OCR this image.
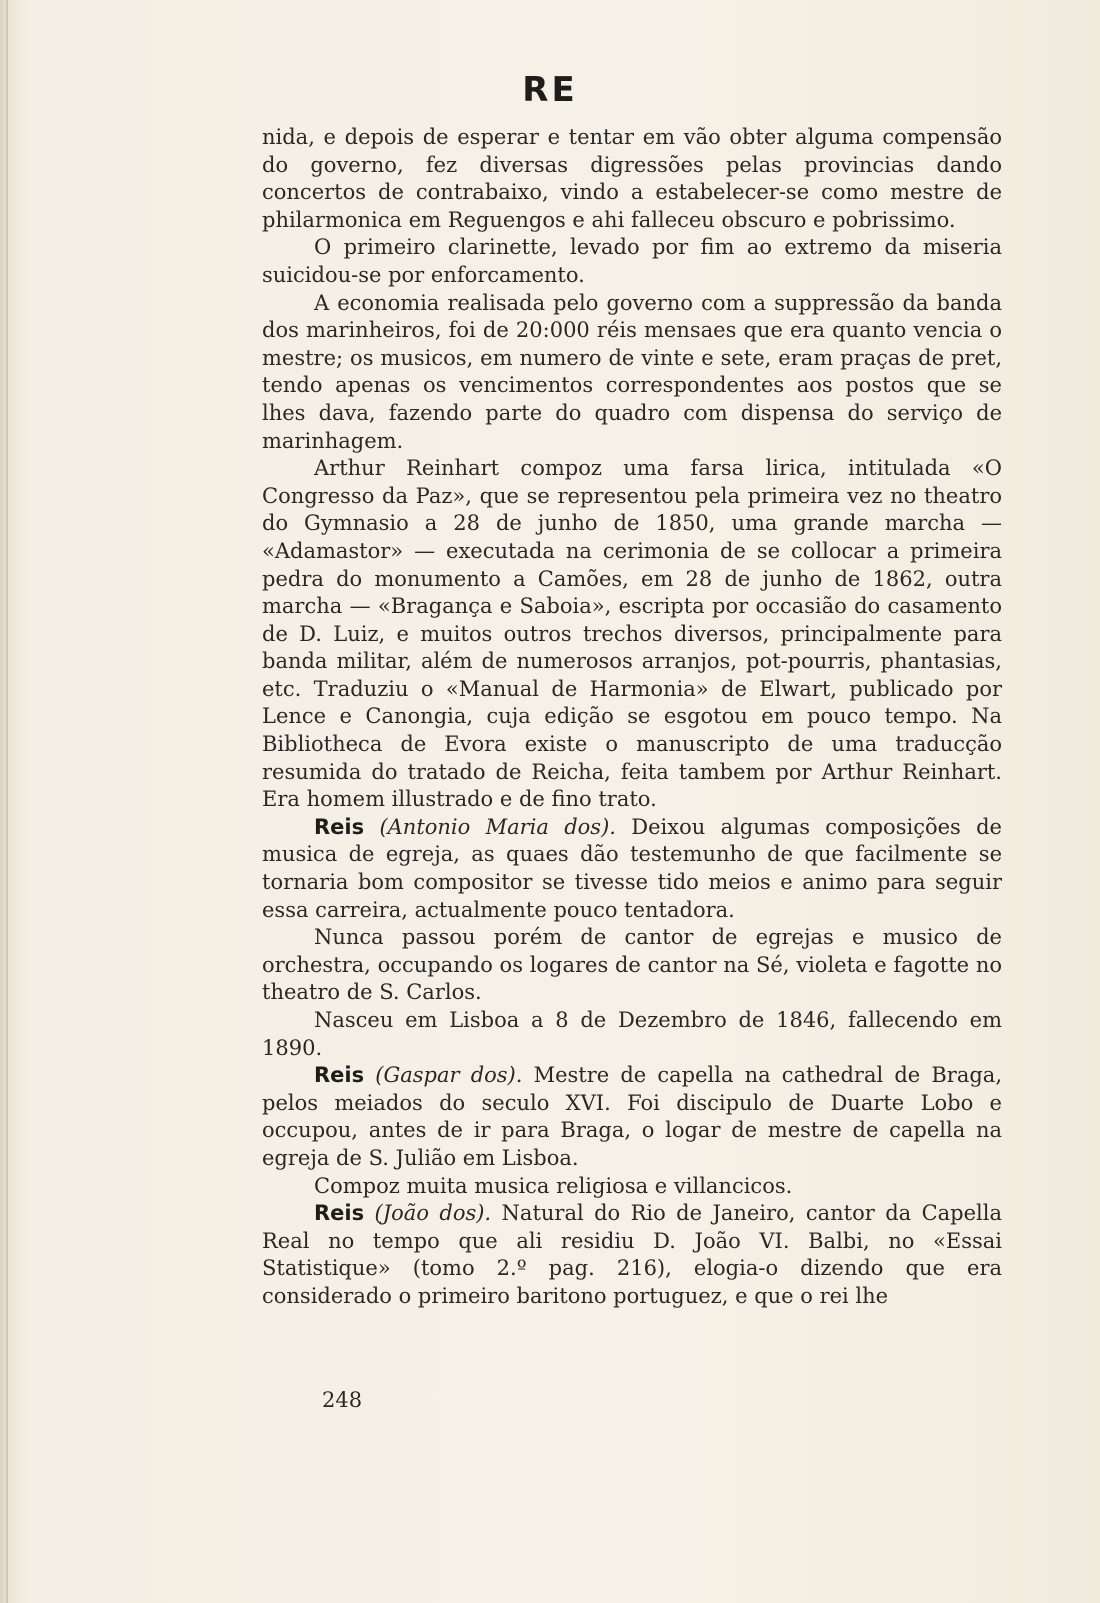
RE

nida, e depois de esperar e tentar em vão obter alguma compensão do governo, fez diversas digressões pelas provincias dando concertos de contrabaixo, vindo a estabelecer-se como mestre de philarmonica em Reguengos e ahi falleceu obscuro e pobrissimo.

O primeiro clarinette, levado por fim ao extremo da miseria suicidou-se por enforcamento.

A economia realisada pelo governo com a suppressão da banda dos marinheiros, foi de 20:000 réis mensaes que era quanto vencia o mestre; os musicos, em numero de vinte e sete, eram praças de pret, tendo apenas os vencimentos correspondentes aos postos que se lhes dava, fazendo parte do quadro com dispensa do serviço de marinhagem.

Arthur Reinhart compoz uma farsa lirica, intitulada «O Congresso da Paz», que se representou pela primeira vez no theatro do Gymnasio a 28 de junho de 1850, uma grande marcha — «Adamastor» — executada na cerimonia de se collocar a primeira pedra do monumento a Camões, em 28 de junho de 1862, outra marcha — «Bragança e Saboia», escripta por occasião do casamento de D. Luiz, e muitos outros trechos diversos, principalmente para banda militar, além de numerosos arranjos, pot-pourris, phantasias, etc. Traduziu o «Manual de Harmonia» de Elwart, publicado por Lence e Canongia, cuja edição se esgotou em pouco tempo. Na Bibliotheca de Evora existe o manuscripto de uma traducção resumida do tratado de Reicha, feita tambem por Arthur Reinhart. Era homem illustrado e de fino trato.

Reis (Antonio Maria dos). Deixou algumas composições de musica de egreja, as quaes dão testemunho de que facilmente se tornaria bom compositor se tivesse tido meios e animo para seguir essa carreira, actualmente pouco tentadora.

Nunca passou porém de cantor de egrejas e musico de orchestra, occupando os logares de cantor na Sé, violeta e fagotte no theatro de S. Carlos.

Nasceu em Lisboa a 8 de Dezembro de 1846, fallecendo em 1890.

Reis (Gaspar dos). Mestre de capella na cathedral de Braga, pelos meiados do seculo XVI. Foi discipulo de Duarte Lobo e occupou, antes de ir para Braga, o logar de mestre de capella na egreja de S. Julião em Lisboa.

Compoz muita musica religiosa e villancicos.

Reis (João dos). Natural do Rio de Janeiro, cantor da Capella Real no tempo que ali residiu D. João VI. Balbi, no «Essai Statistique» (tomo 2.º pag. 216), elogia-o dizendo que era considerado o primeiro baritono portuguez, e que o rei lhe

248
